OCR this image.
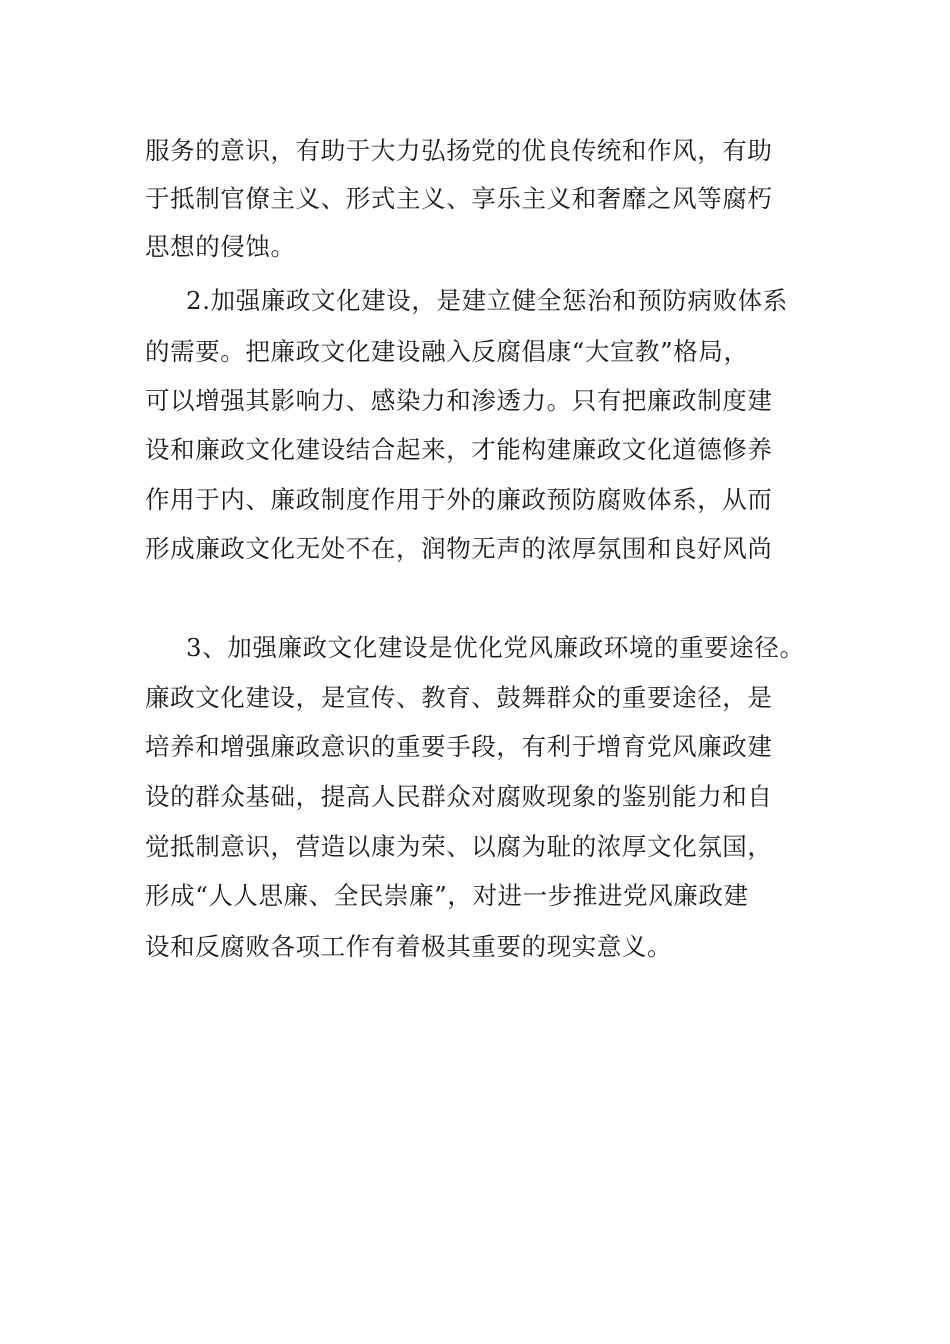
服务的意识，有助于大力弘扬党的优良传统和作风，有助
于抵制官僚主义、形式主义、享乐主义和奢靡之风等腐朽
思想的侵蚀。
2.加强廉政文化建设，是建立健全惩治和预防病败体系
的需要。把廉政文化建设融入反腐倡康“大宣教”格局，
可以增强其影响力、感染力和渗透力。只有把廉政制度建
设和廉政文化建设结合起来，才能构建廉政文化道德修养
作用于内、廉政制度作用于外的廉政预防腐败体系，从而
形成廉政文化无处不在，润物无声的浓厚氛围和良好风尚
3、加强廉政文化建设是优化党风廉政环境的重要途径。
廉政文化建设，是宣传、教育、鼓舞群众的重要途径，是
培养和增强廉政意识的重要手段，有利于增育党风廉政建
设的群众基础，提高人民群众对腐败现象的鉴别能力和自
觉抵制意识，营造以康为荣、以腐为耻的浓厚文化氛国，
形成“人人思廉、全民崇廉”，对进一步推进党风廉政建
设和反腐败各项工作有着极其重要的现实意义。
